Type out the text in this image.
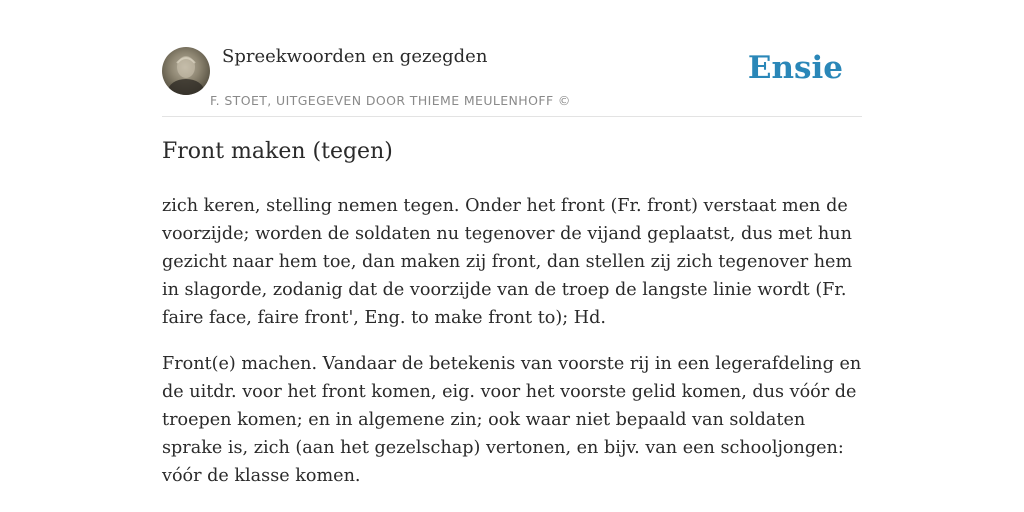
Spreekwoorden en gezegden
F. STOET, UITGEGEVEN DOOR THIEME MEULENHOFF ©
Ensie
Front maken (tegen)

zich keren, stelling nemen tegen. Onder het front (Fr. front) verstaat men de voorzijde; worden de soldaten nu tegenover de vijand geplaatst, dus met hun gezicht naar hem toe, dan maken zij front, dan stellen zij zich tegenover hem in slagorde, zodanig dat de voorzijde van de troep de langste linie wordt (Fr. faire face, faire front', Eng. to make front to); Hd.

Front(e) machen. Vandaar de betekenis van voorste rij in een legerafdeling en de uitdr. voor het front komen, eig. voor het voorste gelid komen, dus vóór de troepen komen; en in algemene zin; ook waar niet bepaald van soldaten sprake is, zich (aan het gezelschap) vertonen, en bijv. van een schooljongen: vóór de klasse komen.
